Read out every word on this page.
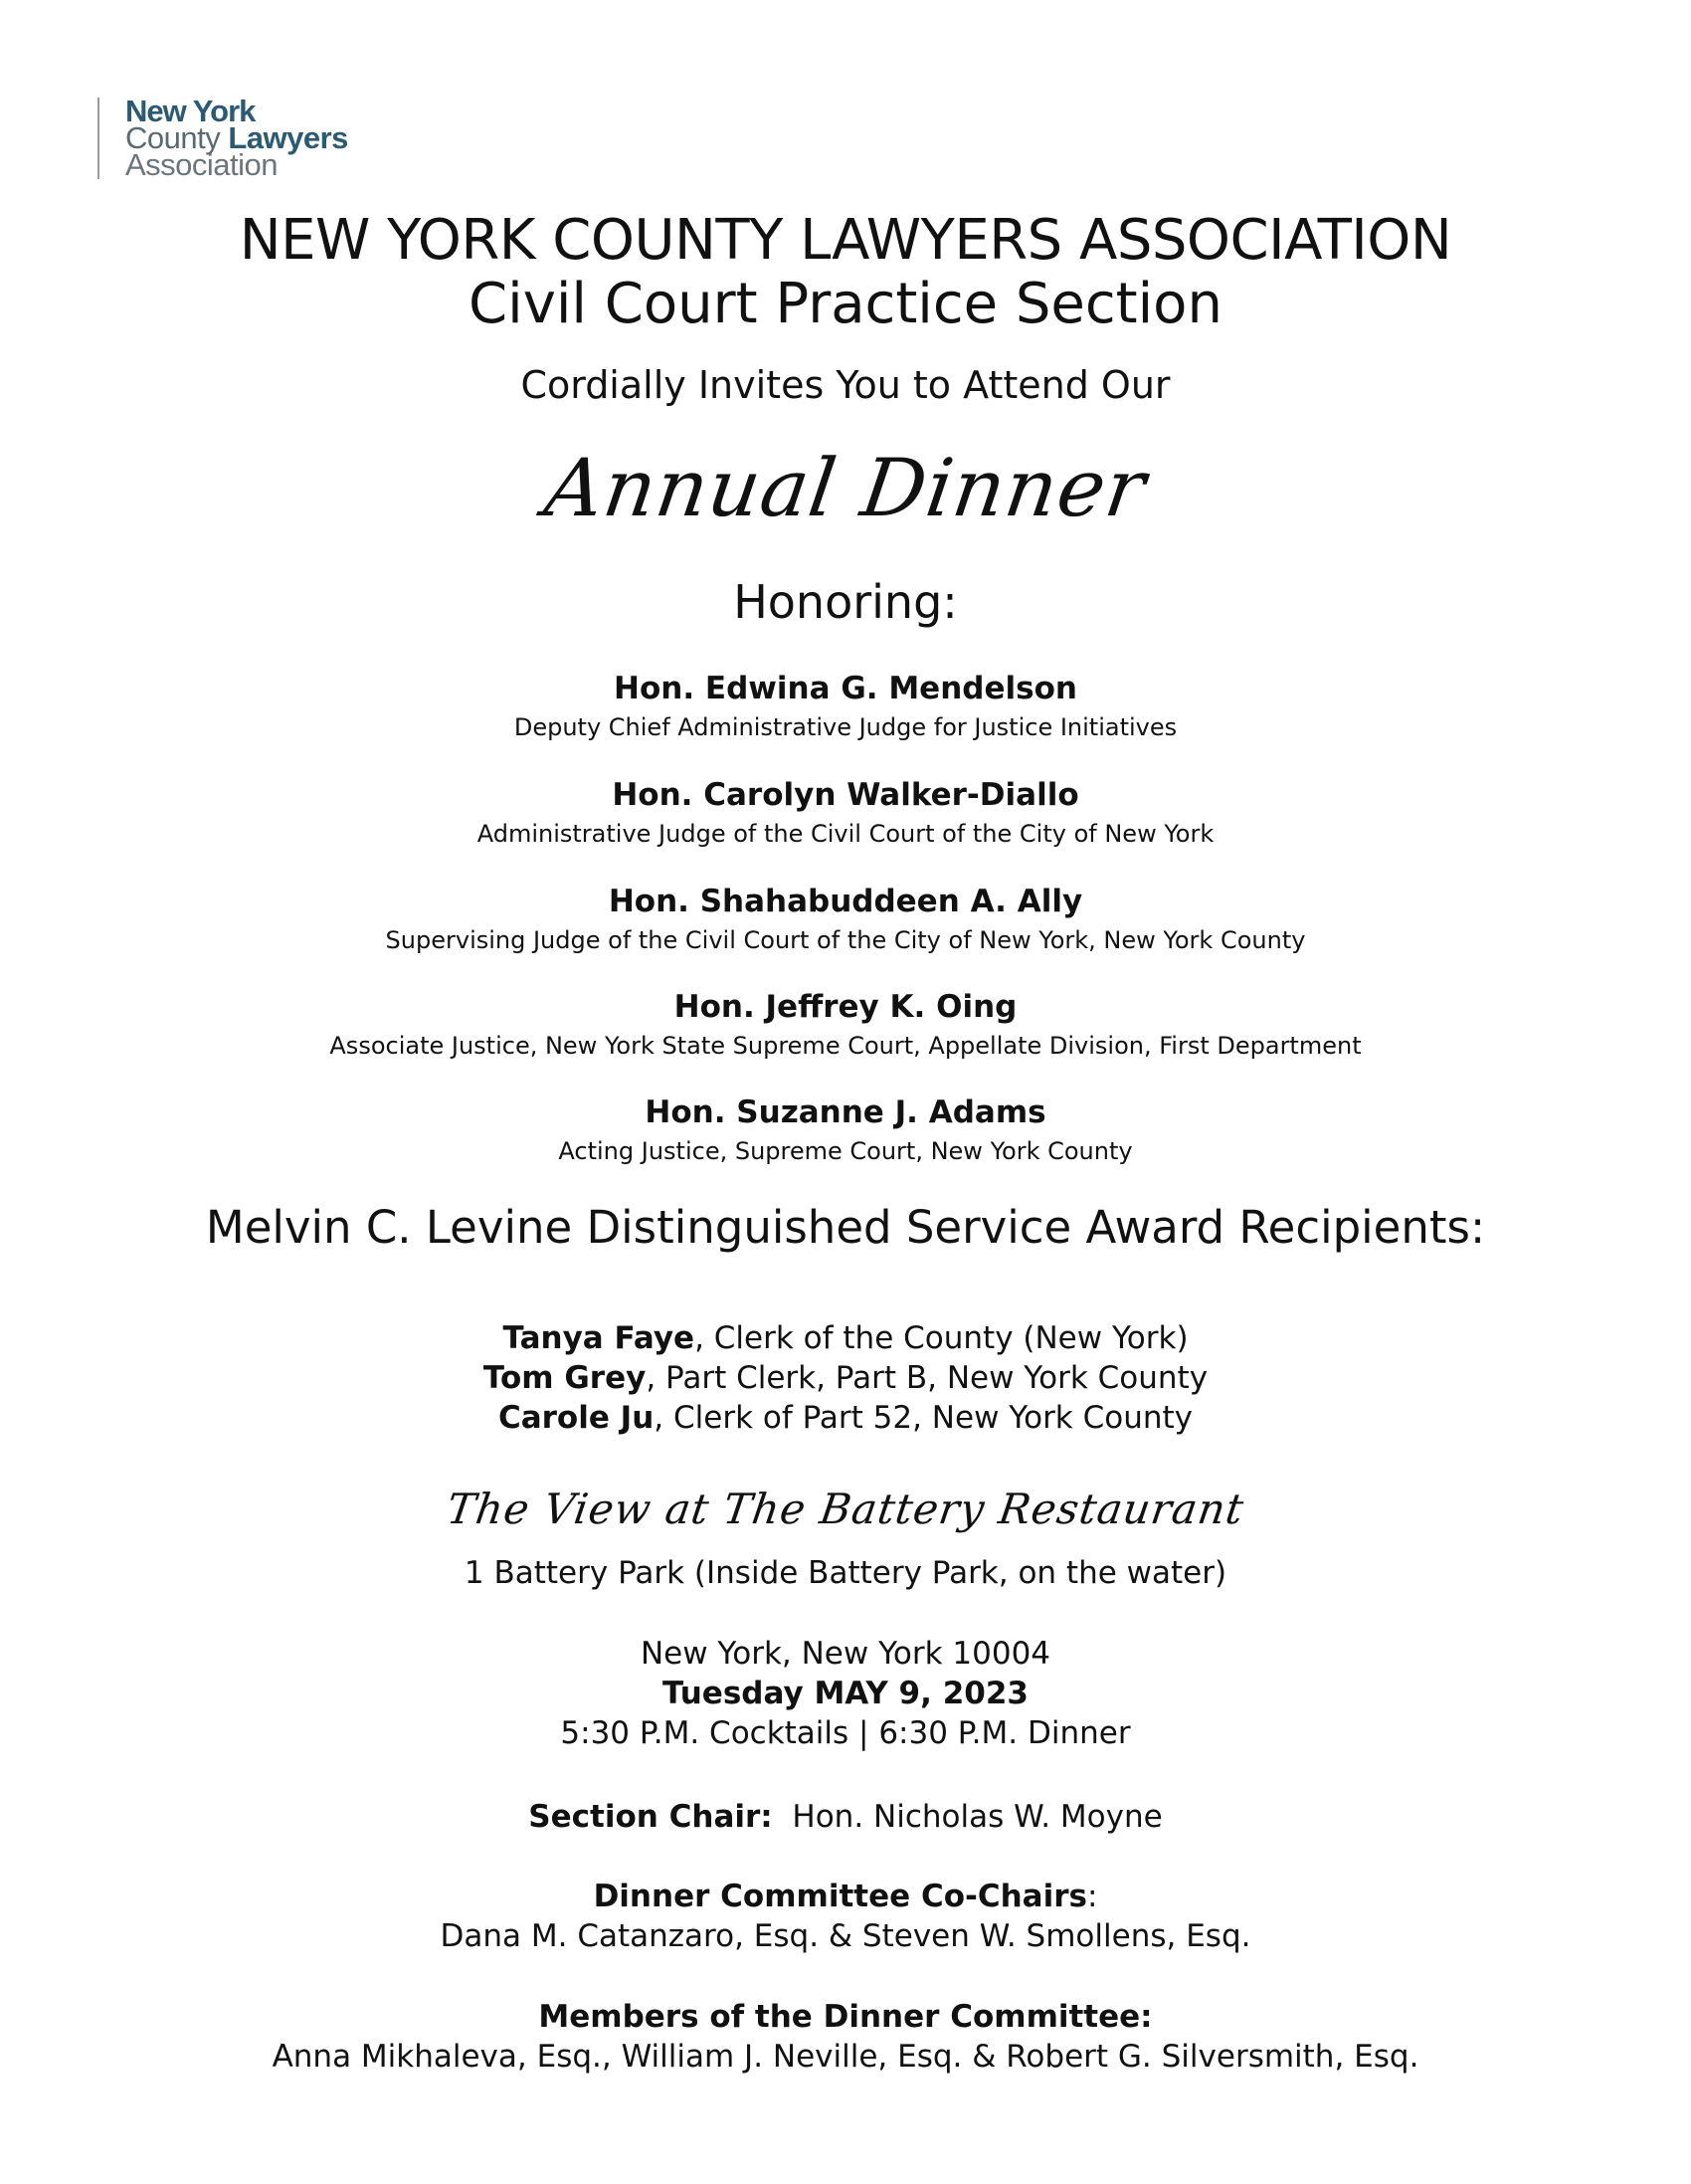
New York
County Lawyers
Association
NEW YORK COUNTY LAWYERS ASSOCIATION
Civil Court Practice Section
Cordially Invites You to Attend Our
Annual Dinner
Honoring:
Hon. Edwina G. Mendelson
Deputy Chief Administrative Judge for Justice Initiatives
Hon. Carolyn Walker-Diallo
Administrative Judge of the Civil Court of the City of New York
Hon. Shahabuddeen A. Ally
Supervising Judge of the Civil Court of the City of New York, New York County
Hon. Jeffrey K. Oing
Associate Justice, New York State Supreme Court, Appellate Division, First Department
Hon. Suzanne J. Adams
Acting Justice, Supreme Court, New York County
Melvin C. Levine Distinguished Service Award Recipients:
Tanya Faye, Clerk of the County (New York)
Tom Grey, Part Clerk, Part B, New York County
Carole Ju, Clerk of Part 52, New York County
The View at The Battery Restaurant
1 Battery Park (Inside Battery Park, on the water)
New York, New York 10004
Tuesday MAY 9, 2023
5:30 P.M. Cocktails | 6:30 P.M. Dinner
Section Chair: Hon. Nicholas W. Moyne
Dinner Committee Co-Chairs:
Dana M. Catanzaro, Esq. & Steven W. Smollens, Esq.
Members of the Dinner Committee:
Anna Mikhaleva, Esq., William J. Neville, Esq. & Robert G. Silversmith, Esq.
